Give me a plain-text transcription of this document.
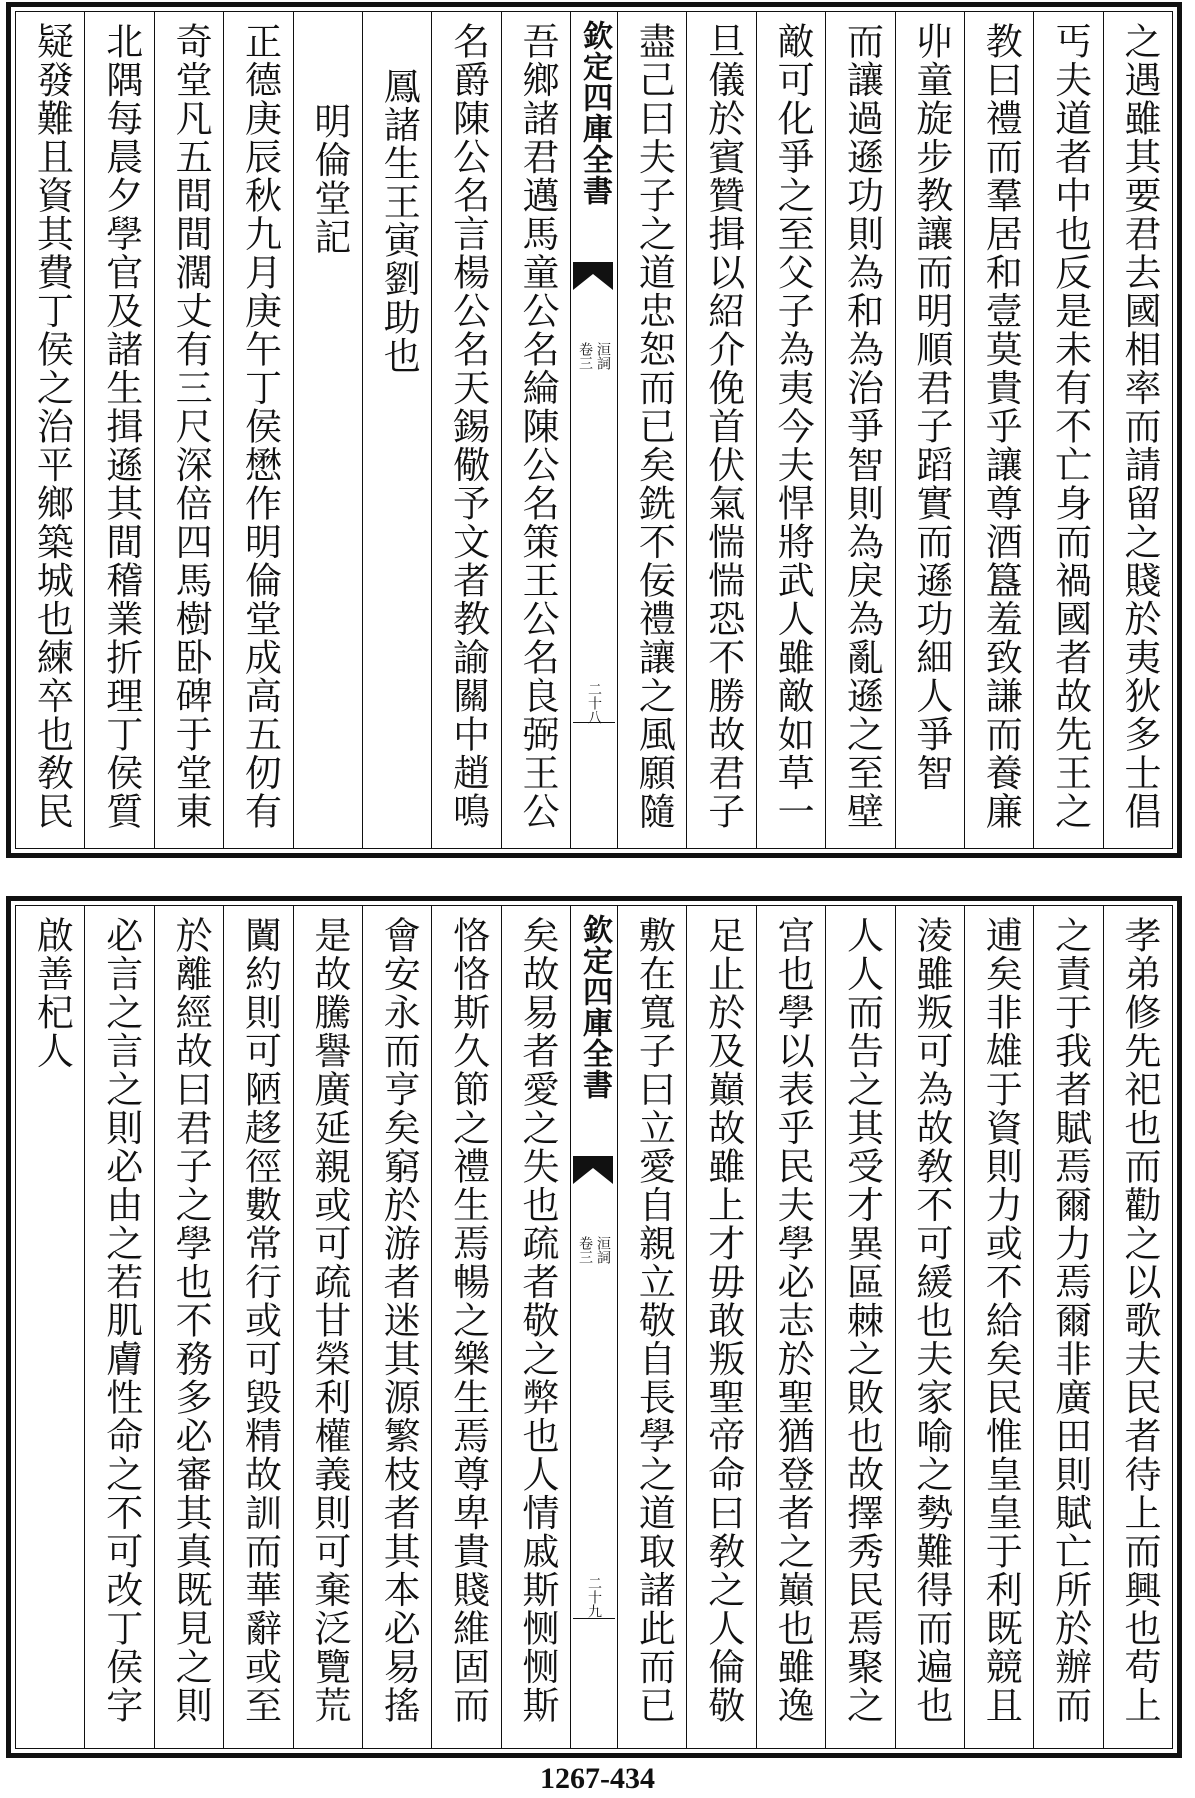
之遇雖其要君去國相率而請留之賤於夷狄多士倡
丐夫道者中也反是未有不亡身而禍國者故先王之
教曰禮而羣居和壹莫貴乎讓尊酒簋羞致謙而養廉
丱童旋步教讓而明順君子蹈實而遜功細人爭智
而讓過遜功則為和為治爭智則為戾為亂遜之至壁
敵可化爭之至父子為夷今夫悍將武人雖敵如草一
旦儀於賓贊揖以紹介俛首伏氣惴惴恐不勝故君子
盡己曰夫子之道忠恕而已矣銑不佞禮讓之風願隨
欽定四庫全書
洹詞
卷三
二十八
吾鄉諸君邁馬童公名綸陳公名策王公名良弼王公
名爵陳公名言楊公名天錫儆予文者教諭關中趙鳴
鳳諸生王寅劉助也
明倫堂記
正德庚辰秋九月庚午丁侯懋作明倫堂成高五仞有
奇堂凡五間間濶丈有三尺深倍四馬樹卧碑于堂東
北隅每晨夕學官及諸生揖遜其間稽業折理丁侯質
疑發難且資其費丁侯之治平鄉築城也練卒也敎民
孝弟修先祀也而勸之以歌夫民者待上而興也苟上
之責于我者賦焉爾力焉爾非廣田則賦亡所於辦而
逋矣非雄于資則力或不給矣民惟皇皇于利既競且
淩雖叛可為故敎不可緩也夫家喻之勢難得而遍也
人人而告之其受才異區棘之敗也故擇秀民焉聚之
宫也學以表乎民夫學必志於聖猶登者之巔也雖逸
足止於及巔故雖上才毋敢叛聖帝命曰敎之人倫敬
敷在寬子曰立愛自親立敬自長學之道取諸此而已
欽定四庫全書
洹詞
卷三
二十九
矣故易者愛之失也疏者敬之弊也人情戚斯恻恻斯
恪恪斯久節之禮生焉暢之樂生焉尊卑貴賤維固而
會安永而亨矣窮於游者迷其源繁枝者其本必易搖
是故騰譽廣延親或可疏甘榮利權義則可棄泛覽荒
闐約則可陋趍徑數常行或可毀精故訓而華辭或至
於離經故曰君子之學也不務多必審其真既見之則
必言之言之則必由之若肌膚性命之不可改丁侯字
啟善杞人
1267-434
